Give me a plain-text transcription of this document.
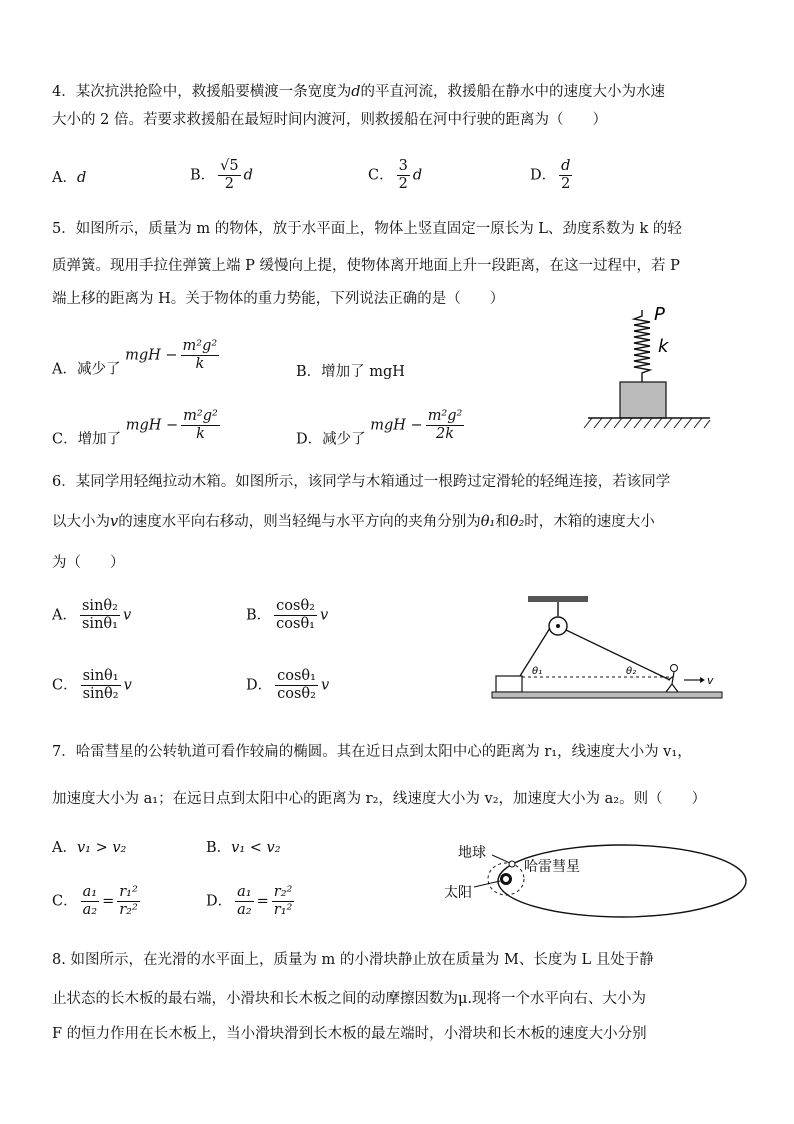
4．某次抗洪抢险中，救援船要横渡一条宽度为d的平直河流，救援船在静水中的速度大小为水速
大小的 2 倍。若要求救援船在最短时间内渡河，则救援船在河中行驶的距离为（　　）
A．d	B． $\frac{√5}{2}$ d	C． $\frac{3}{2}$ d	D． $\frac{d}{2}$
5．如图所示，质量为 m 的物体，放于水平面上，物体上竖直固定一原长为 L、劲度系数为 k 的轻
质弹簧。现用手拉住弹簧上端 P 缓慢向上提，使物体离开地面上升一段距离，在这一过程中，若 P
端上移的距离为 H。关于物体的重力势能，下列说法正确的是（　　）
A．减少了 mgH − $\frac{\text{m²g²}}{k}$	B．增加了 mgH
C．增加了 mgH − $\frac{\text{m²g²}}{k}$	D．减少了 mgH − $\frac{\text{m²g²}}{2k}$
P
k
6．某同学用轻绳拉动木箱。如图所示，该同学与木箱通过一根跨过定滑轮的轻绳连接，若该同学
以大小为v的速度水平向右移动，则当轻绳与水平方向的夹角分别为θ₁和θ₂时，木箱的速度大小
为（　　）
A． $\frac{\text{sinθ₂}}{\text{sinθ₁}}$ v	B． $\frac{\text{cosθ₂}}{\text{cosθ₁}}$ v
C． $\frac{\text{sinθ₁}}{\text{sinθ₂}}$ v	D． $\frac{\text{cosθ₁}}{\text{cosθ₂}}$ v
θ₁	θ₂
v
7．哈雷彗星的公转轨道可看作较扁的椭圆。其在近日点到太阳中心的距离为 r₁，线速度大小为 v₁，
加速度大小为 a₁；在远日点到太阳中心的距离为 r₂，线速度大小为 v₂，加速度大小为 a₂。则（　　）
A．v₁ > v₂	B．v₁ < v₂
C． $\frac{\text{a₁}}{\text{a₂}} = \frac{\text{r₁²}}{\text{r₂²}}$	D． $\frac{\text{a₁}}{\text{a₂}} = \frac{\text{r₂²}}{\text{r₁²}}$
地球
哈雷彗星
太阳
8. 如图所示，在光滑的水平面上，质量为 m 的小滑块静止放在质量为 M、长度为 L 且处于静
止状态的长木板的最右端，小滑块和长木板之间的动摩擦因数为μ.现将一个水平向右、大小为
F 的恒力作用在长木板上，当小滑块滑到长木板的最左端时，小滑块和长木板的速度大小分别
